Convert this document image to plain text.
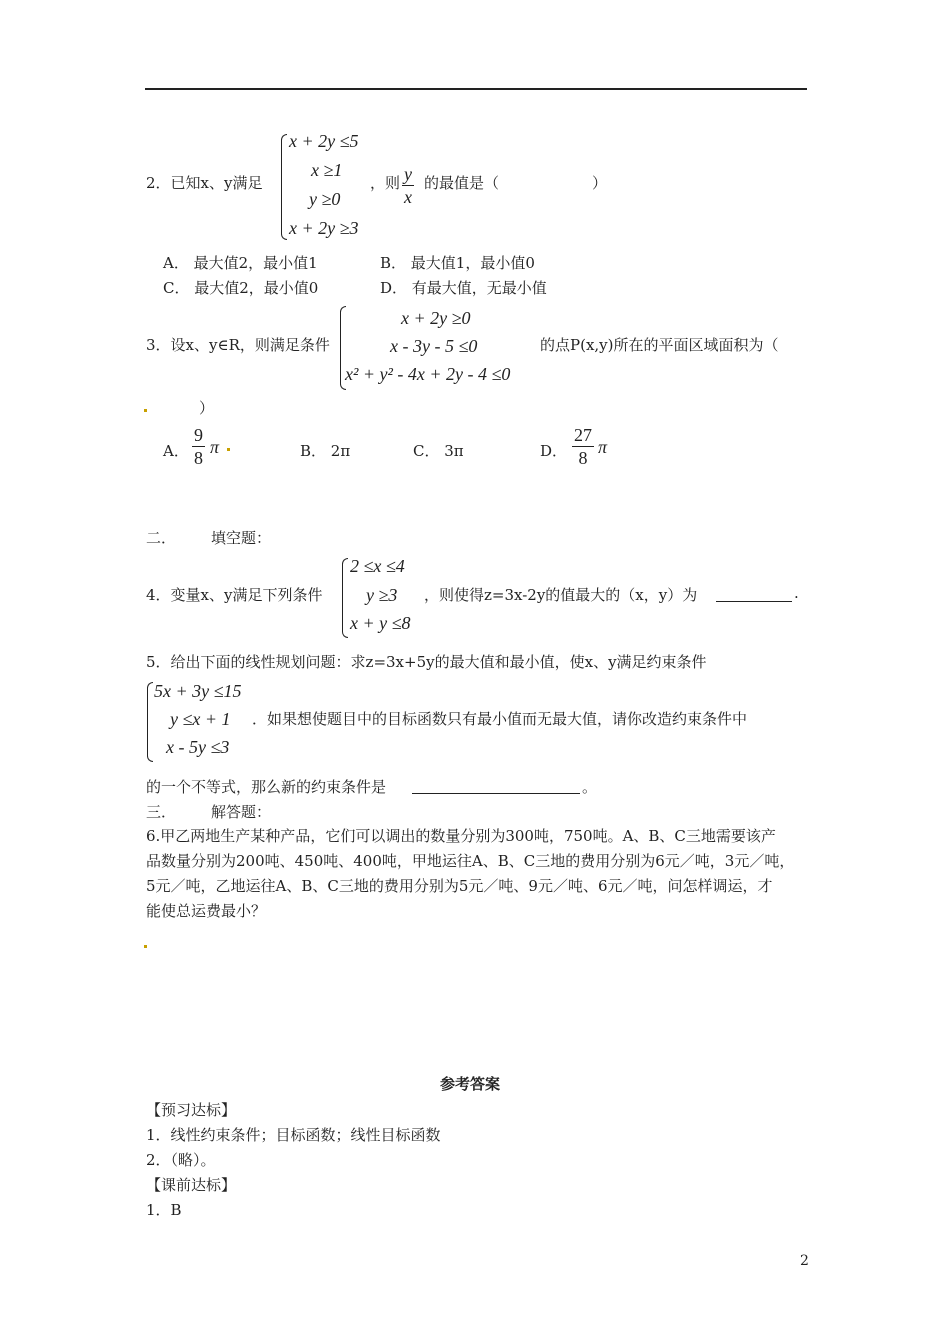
2．已知x、y满足
x + 2y ≤5
x ≥1
y ≥0
x + 2y ≥3
，则 $\frac{y}{x}$ 的最值是（	）
A． 最大值2，最小值1	B． 最大值1，最小值0
C． 最大值2，最小值0	D． 有最大值，无最小值
3．设x、y∈R，则满足条件
x + 2y ≥0
x - 3y - 5 ≤0
x² + y² - 4x + 2y - 4 ≤0
的点P(x,y)所在的平面区域面积为（
）
A． $\frac{9}{8}$ π	B． 2π	C． 3π	D． $\frac{27}{8}$ π
二． 填空题：
4．变量x、y满足下列条件
2 ≤x ≤4
y ≥3
x + y ≤8
，则使得z=3x-2y的值最大的（x，y）为	.
5．给出下面的线性规划问题：求z=3x+5y的最大值和最小值，使x、y满足约束条件
5x + 3y ≤15
y ≤x + 1
x - 5y ≤3
．如果想使题目中的目标函数只有最小值而无最大值，请你改造约束条件中
的一个不等式，那么新的约束条件是	。
三． 解答题：
6.甲乙两地生产某种产品，它们可以调出的数量分别为300吨，750吨。A、B、C三地需要该产
品数量分别为200吨、450吨、400吨，甲地运往A、B、C三地的费用分别为6元／吨，3元／吨，
5元／吨，乙地运往A、B、C三地的费用分别为5元／吨、9元／吨、6元／吨，问怎样调运，才
能使总运费最小？
参考答案
【预习达标】
1．线性约束条件；目标函数；线性目标函数
2．（略）。
【课前达标】
1．B
2
